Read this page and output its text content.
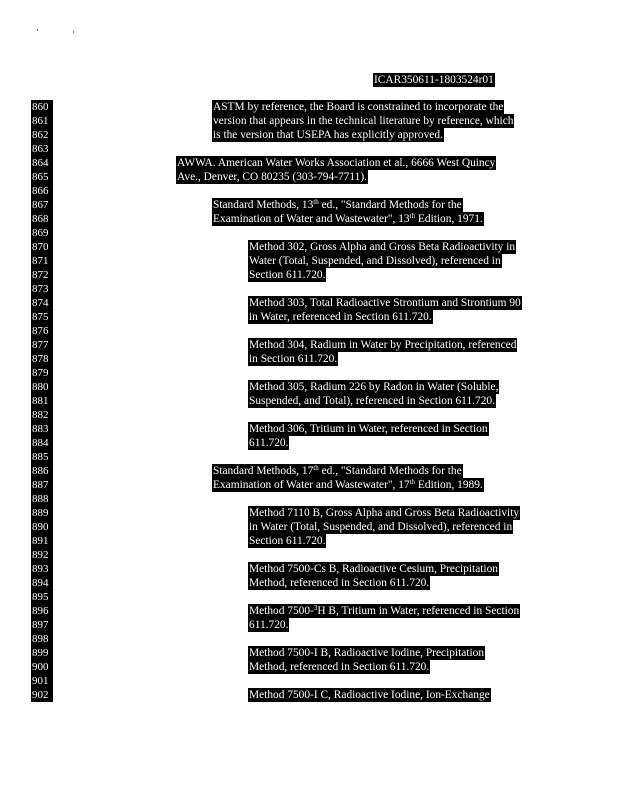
ICAR350611-1803524r01
860
861
862
863
864
865
866
867
868
869
870
871
872
873
874
875
876
877
878
879
880
881
882
883
884
885
886
887
888
889
890
891
892
893
894
895
896
897
898
899
900
901
902
ASTM by reference, the Board is constrained to incorporate the
version that appears in the technical literature by reference, which
is the version that USEPA has explicitly approved.
AWWA. American Water Works Association et al., 6666 West Quincy
Ave., Denver, CO 80235 (303-794-7711).
Standard Methods, 13th ed., "Standard Methods for the
Examination of Water and Wastewater", 13th Edition, 1971.
Method 302, Gross Alpha and Gross Beta Radioactivity in
Water (Total, Suspended, and Dissolved), referenced in
Section 611.720.
Method 303, Total Radioactive Strontium and Strontium 90
in Water, referenced in Section 611.720.
Method 304, Radium in Water by Precipitation, referenced
in Section 611.720.
Method 305, Radium 226 by Radon in Water (Soluble,
Suspended, and Total), referenced in Section 611.720.
Method 306, Tritium in Water, referenced in Section
611.720.
Standard Methods, 17th ed., "Standard Methods for the
Examination of Water and Wastewater", 17th Edition, 1989.
Method 7110 B, Gross Alpha and Gross Beta Radioactivity
in Water (Total, Suspended, and Dissolved), referenced in
Section 611.720.
Method 7500-Cs B, Radioactive Cesium, Precipitation
Method, referenced in Section 611.720.
Method 7500-$^3$H B, Tritium in Water, referenced in Section
611.720.
Method 7500-I B, Radioactive Iodine, Precipitation
Method, referenced in Section 611.720.
Method 7500-I C, Radioactive Iodine, Ion-Exchange
